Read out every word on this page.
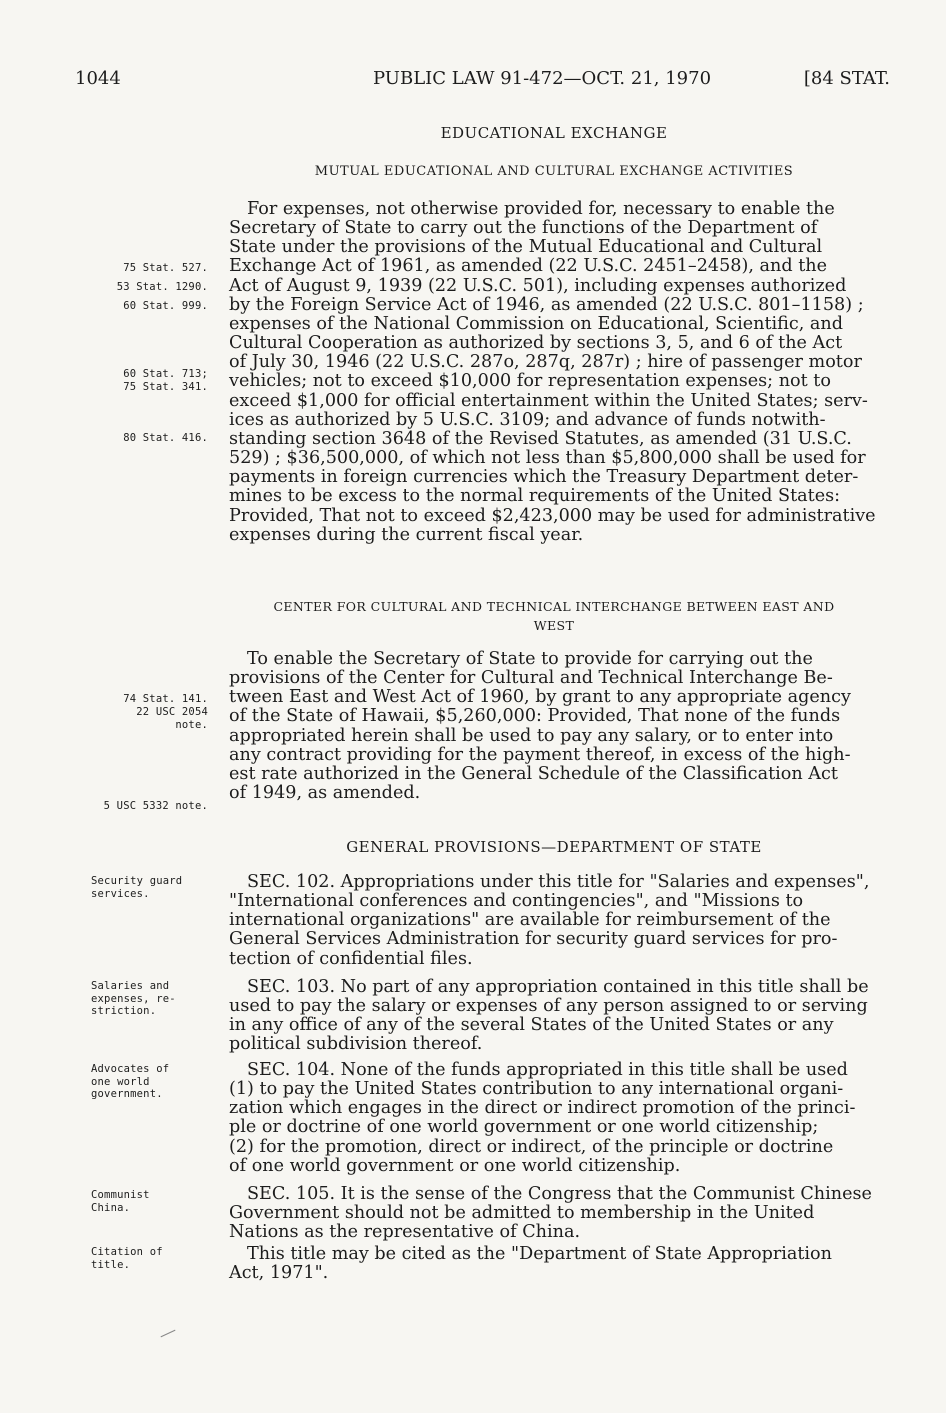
1044	PUBLIC LAW 91-472—OCT. 21, 1970	[84 STAT.
EDUCATIONAL EXCHANGE
MUTUAL EDUCATIONAL AND CULTURAL EXCHANGE ACTIVITIES
For expenses, not otherwise provided for, necessary to enable the
Secretary of State to carry out the functions of the Department of
State under the provisions of the Mutual Educational and Cultural
Exchange Act of 1961, as amended (22 U.S.C. 2451–2458), and the
Act of August 9, 1939 (22 U.S.C. 501), including expenses authorized
by the Foreign Service Act of 1946, as amended (22 U.S.C. 801–1158) ;
expenses of the National Commission on Educational, Scientific, and
Cultural Cooperation as authorized by sections 3, 5, and 6 of the Act
of July 30, 1946 (22 U.S.C. 287o, 287q, 287r) ; hire of passenger motor
vehicles; not to exceed $10,000 for representation expenses; not to
exceed $1,000 for official entertainment within the United States; serv-
ices as authorized by 5 U.S.C. 3109; and advance of funds notwith-
standing section 3648 of the Revised Statutes, as amended (31 U.S.C.
529) ; $36,500,000, of which not less than $5,800,000 shall be used for
payments in foreign currencies which the Treasury Department deter-
mines to be excess to the normal requirements of the United States:
Provided, That not to exceed $2,423,000 may be used for administrative
expenses during the current fiscal year.
CENTER FOR CULTURAL AND TECHNICAL INTERCHANGE BETWEEN EAST AND
WEST
To enable the Secretary of State to provide for carrying out the
provisions of the Center for Cultural and Technical Interchange Be-
tween East and West Act of 1960, by grant to any appropriate agency
of the State of Hawaii, $5,260,000: Provided, That none of the funds
appropriated herein shall be used to pay any salary, or to enter into
any contract providing for the payment thereof, in excess of the high-
est rate authorized in the General Schedule of the Classification Act
of 1949, as amended.
GENERAL PROVISIONS—DEPARTMENT OF STATE
SEC. 102. Appropriations under this title for "Salaries and expenses",
"International conferences and contingencies", and "Missions to
international organizations" are available for reimbursement of the
General Services Administration for security guard services for pro-
tection of confidential files.
SEC. 103. No part of any appropriation contained in this title shall be
used to pay the salary or expenses of any person assigned to or serving
in any office of any of the several States of the United States or any
political subdivision thereof.
SEC. 104. None of the funds appropriated in this title shall be used
(1) to pay the United States contribution to any international organi-
zation which engages in the direct or indirect promotion of the princi-
ple or doctrine of one world government or one world citizenship;
(2) for the promotion, direct or indirect, of the principle or doctrine
of one world government or one world citizenship.
SEC. 105. It is the sense of the Congress that the Communist Chinese
Government should not be admitted to membership in the United
Nations as the representative of China.
This title may be cited as the "Department of State Appropriation
Act, 1971".
75 Stat. 527.
53 Stat. 1290.
60 Stat. 999.
60 Stat. 713;
75 Stat. 341.
80 Stat. 416.
74 Stat. 141.
22 USC 2054
note.
5 USC 5332 note.
Security guard
services.
Salaries and
expenses, re-
striction.
Advocates of
one world
government.
Communist
China.
Citation of
title.
